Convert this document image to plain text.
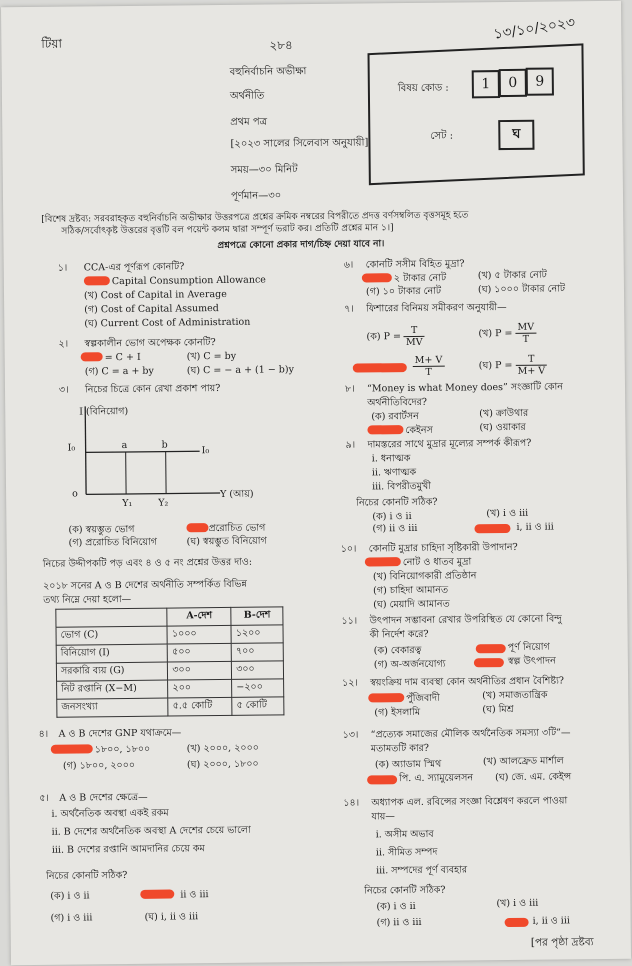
টিয়া	২৮৪
১৩/১০/২০২৩
বহুনির্বাচনি অভীক্ষা
অর্থনীতি
প্রথম পত্র
[২০২৩ সালের সিলেবাস অনুযায়ী]
সময়—৩০ মিনিট
পূর্ণমান—৩০
বিষয় কোড :	1	0	9
সেট :	ঘ
[বিশেষ দ্রষ্টব্য: সরবরাহকৃত বহুনির্বাচনি অভীক্ষার উত্তরপত্রে প্রশ্নের ক্রমিক নম্বরের বিপরীতে প্রদত্ত বর্ণসম্বলিত বৃত্তসমূহ হতে
সঠিক/সর্বোৎকৃষ্ট উত্তরের বৃত্তটি বল পয়েন্ট কলম দ্বারা সম্পূর্ণ ভরাট কর। প্রতিটি প্রশ্নের মান ১।]
প্রশ্নপত্রে কোনো প্রকার দাগ/চিহ্ন দেয়া যাবে না।
১। CCA-এর পূর্ণরূপ কোনটি?
Capital Consumption Allowance
(খ) Cost of Capital in Average
(গ) Cost of Capital Assumed
(ঘ) Current Cost of Administration
২। স্বল্পকালীন ভোগ অপেক্ষক কোনটি?
= C + I	(খ) C = by
(গ) C = a + by	(ঘ) C = − a + (1 − b)y
৩। নিচের চিত্রে কোন রেখা প্রকাশ পায়?
I (বিনিয়োগ)
I₀	I₀
a	b
o
Y₁	Y₂
Y (আয়)
(ক) স্বয়ম্ভুত ভোগ	প্ররোচিত ভোগ
(গ) প্ররোচিত বিনিয়োগ	(ঘ) স্বয়ম্ভুত বিনিয়োগ
নিচের উদ্দীপকটি পড় এবং ৪ ও ৫ নং প্রশ্নের উত্তর দাও:
২০১৮ সনের A ও B দেশের অর্থনীতি সম্পর্কিত বিভিন্ন
তথ্য নিম্নে দেয়া হলো—
	A-দেশ	B-দেশ
ভোগ (C)	১০০০	১২০০
বিনিয়োগ (I)	৫০০	৭০০
সরকারি ব্যয় (G)	৩০০	৩০০
নিট রপ্তানি (X−M)	২০০	−২০০
জনসংখ্যা	৫.৫ কোটি	৫ কোটি
৪। A ও B দেশের GNP যথাক্রমে—
১৮০০, ১৮০০	(খ) ২০০০, ২০০০
(গ) ১৮০০, ২০০০	(ঘ) ২০০০, ১৮০০
৫। A ও B দেশের ক্ষেত্রে—
i. অর্থনৈতিক অবস্থা একই রকম
ii. B দেশের অর্থনৈতিক অবস্থা A দেশের চেয়ে ভালো
iii. B দেশের রপ্তানি আমদানির চেয়ে কম
নিচের কোনটি সঠিক?
(ক) i ও ii	ii ও iii
(গ) i ও iii	(ঘ) i, ii ও iii
৬। কোনটি সসীম বিহিত মুদ্রা?
২ টাকার নোট	(খ) ৫ টাকার নোট
(গ) ১০ টাকার নোট	(ঘ) ১০০০ টাকার নোট
৭। ফিশারের বিনিময় সমীকরণ অনুযায়ী—
(ক) $P = \frac{T}{MV}$	(খ) $P = \frac{MV}{T}$
$\frac{M+ V}{T}$	(ঘ) $P = \frac{T}{M+ V}$
৮। “Money is what Money does” সংজ্ঞাটি কোন
অর্থনীতিবিদের?
(ক) রবার্টসন	(খ) ক্রাউথার
কেইনস	(ঘ) ওয়াকার
৯। দামস্তরের সাথে মুদ্রার মূল্যের সম্পর্ক কীরূপ?
i. ধনাত্মক
ii. ঋণাত্মক
iii. বিপরীতমুখী
নিচের কোনটি সঠিক?
(ক) i ও ii	(খ) i ও iii
(গ) ii ও iii	i, ii ও iii
১০। কোনটি মুদ্রার চাহিদা সৃষ্টিকারী উপাদান?
নোট ও ধাতব মুদ্রা
(খ) বিনিয়োগকারী প্রতিষ্ঠান
(গ) চাহিদা আমানত
(ঘ) মেয়াদি আমানত
১১। উৎপাদন সম্ভাবনা রেখার উপরিস্থিত যে কোনো বিন্দু
কী নির্দেশ করে?
(ক) বেকারত্ব	পূর্ণ নিয়োগ
(গ) অ-অর্জনযোগ্য	স্বল্প উৎপাদন
১২। স্বয়ংক্রিয় দাম ব্যবস্থা কোন অর্থনীতির প্রধান বৈশিষ্ট্য?
পুঁজিবাদী	(খ) সমাজতান্ত্রিক
(গ) ইসলামি	(ঘ) মিশ্র
১৩। “প্রত্যেক সমাজের মৌলিক অর্থনৈতিক সমস্যা ৩টি”—
মতামতটি কার?
(ক) অ্যাডাম স্মিথ	(খ) আলফ্রেড মার্শাল
পি. এ. স্যামুয়েলসন (ঘ) জে. এম. কেইন্স
১৪। অধ্যাপক এল. রবিন্সের সংজ্ঞা বিশ্লেষণ করলে পাওয়া
যায়—
i. অসীম অভাব
ii. সীমিত সম্পদ
iii. সম্পদের পূর্ণ ব্যবহার
নিচের কোনটি সঠিক?
(ক) i ও ii	(খ) i ও iii
(গ) ii ও iii	i, ii ও iii
[পর পৃষ্ঠা দ্রষ্টব্য
